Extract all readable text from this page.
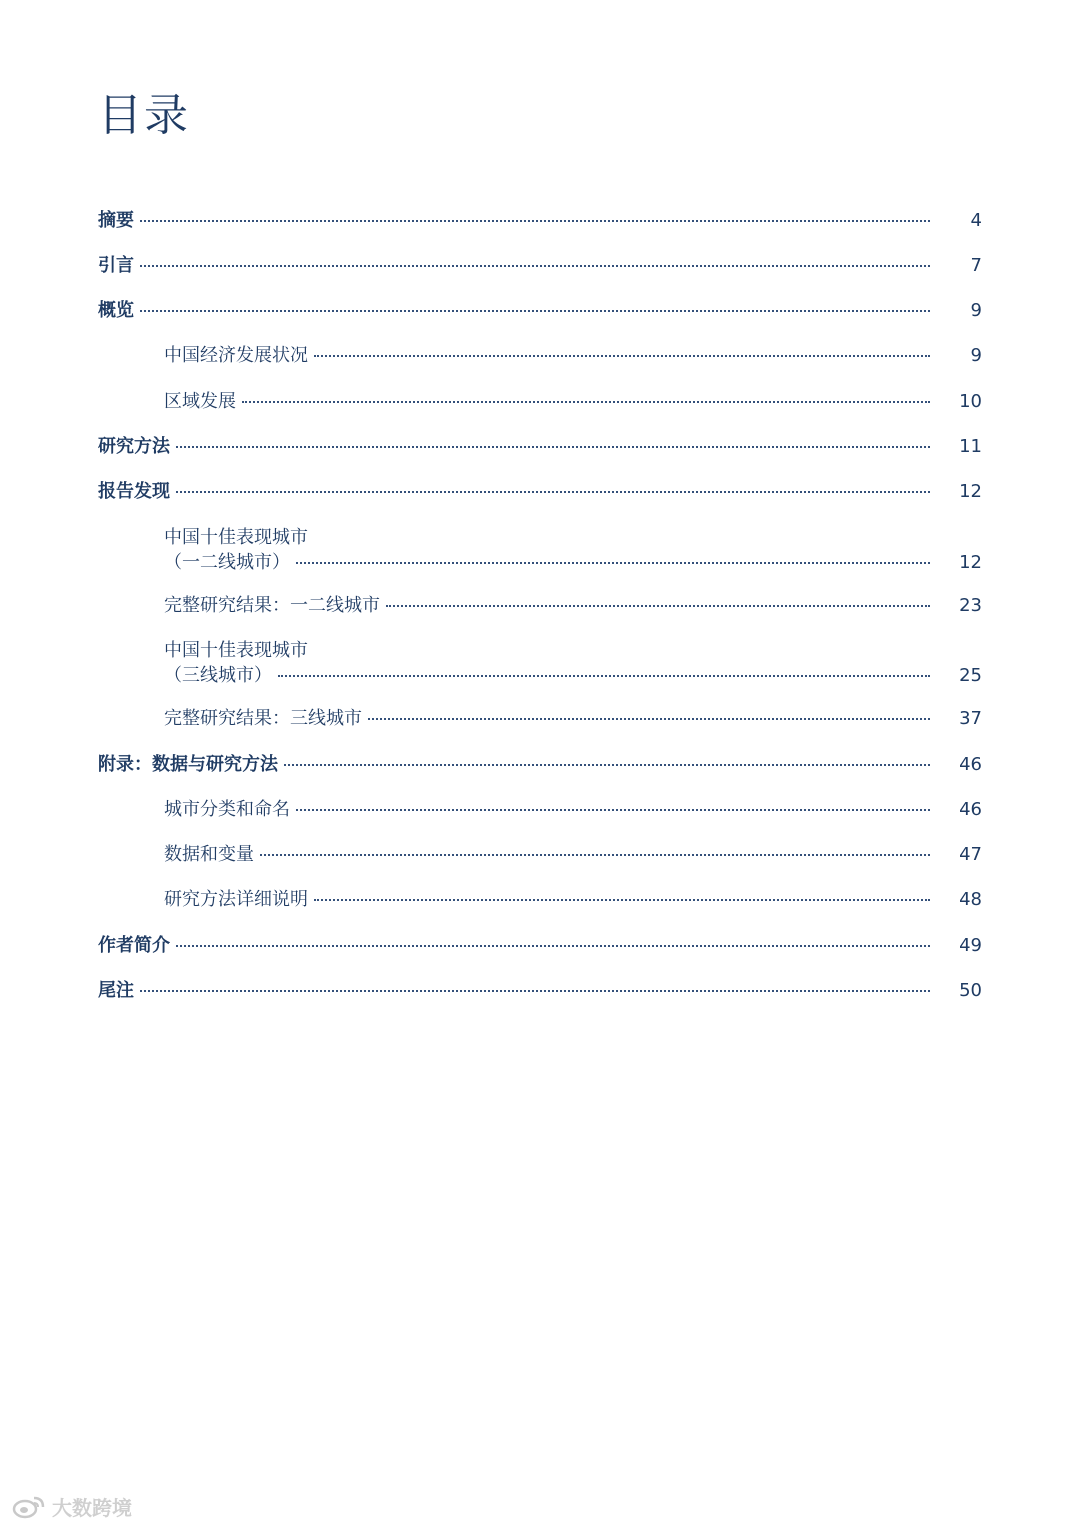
目录
摘要	4
引言	7
概览	9
中国经济发展状况	9
区域发展	10
研究方法	11
报告发现	12
中国十佳表现城市
（一二线城市）	12
完整研究结果：一二线城市	23
中国十佳表现城市
（三线城市）	25
完整研究结果：三线城市	37
附录：数据与研究方法	46
城市分类和命名	46
数据和变量	47
研究方法详细说明	48
作者简介	49
尾注	50
大数跨境
